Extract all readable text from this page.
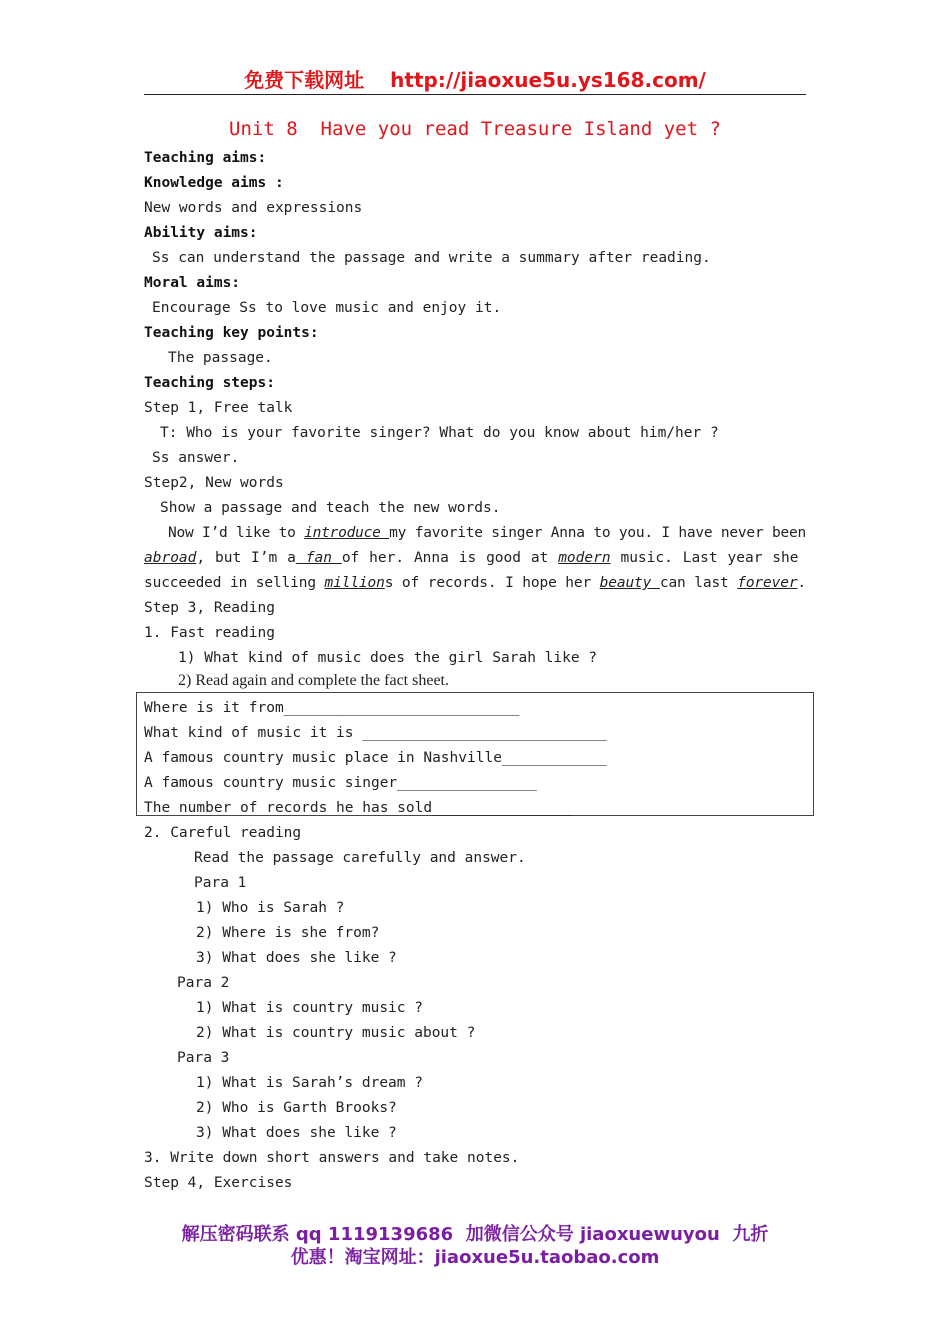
免费下载网址 http://jiaoxue5u.ys168.com/
Unit 8  Have you read Treasure Island yet ?
Teaching aims:
Knowledge aims :
New words and expressions
Ability aims:
Ss can understand the passage and write a summary after reading.
Moral aims:
Encourage Ss to love music and enjoy it.
Teaching key points:
The passage.
Teaching steps:
Step 1, Free talk
T: Who is your favorite singer? What do you know about him/her ?
Ss answer.
Step2, New words
Show a passage and teach the new words.
Now I’d like to introduce my favorite singer Anna to you. I have never been
abroad, but I’m a fan of her. Anna is good at modern music. Last year she
succeeded in selling millions of records. I hope her beauty can last forever.
Step 3, Reading
1. Fast reading
1) What kind of music does the girl Sarah like ?
2) Read again and complete the fact sheet.
Where is it from___________________________
What kind of music it is ____________________________
A famous country music place in Nashville____________
A famous country music singer________________
The number of records he has sold________________
2. Careful reading
Read the passage carefully and answer.
Para 1
1) Who is Sarah ?
2) Where is she from?
3) What does she like ?
Para 2
1) What is country music ?
2) What is country music about ?
Para 3
1) What is Sarah’s dream ?
2) Who is Garth Brooks?
3) What does she like ?
3. Write down short answers and take notes.
Step 4, Exercises
解压密码联系 qq 1119139686  加微信公众号 jiaoxuewuyou  九折
优惠！淘宝网址：jiaoxue5u.taobao.com
